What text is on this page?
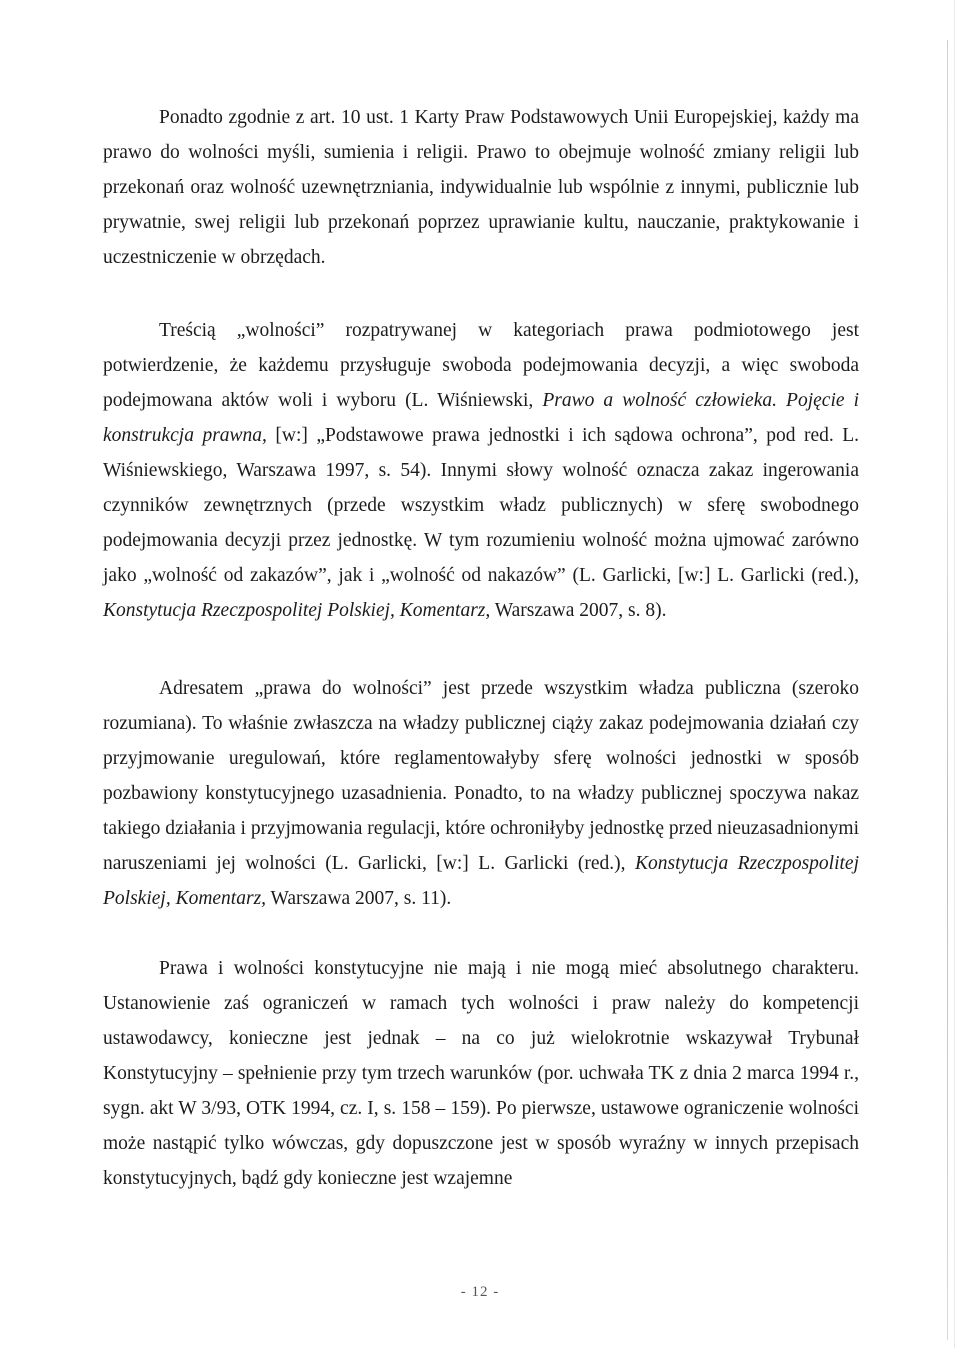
Ponadto zgodnie z art. 10 ust. 1 Karty Praw Podstawowych Unii Europejskiej, każdy ma prawo do wolności myśli, sumienia i religii. Prawo to obejmuje wolność zmiany religii lub przekonań oraz wolność uzewnętrzniania, indywidualnie lub wspólnie z innymi, publicznie lub prywatnie, swej religii lub przekonań poprzez uprawianie kultu, nauczanie, praktykowanie i uczestniczenie w obrzędach.

Treścią „wolności” rozpatrywanej w kategoriach prawa podmiotowego jest potwierdzenie, że każdemu przysługuje swoboda podejmowania decyzji, a więc swoboda podejmowana aktów woli i wyboru (L. Wiśniewski, Prawo a wolność człowieka. Pojęcie i konstrukcja prawna, [w:] „Podstawowe prawa jednostki i ich sądowa ochrona”, pod red. L. Wiśniewskiego, Warszawa 1997, s. 54). Innymi słowy wolność oznacza zakaz ingerowania czynników zewnętrznych (przede wszystkim władz publicznych) w sferę swobodnego podejmowania decyzji przez jednostkę. W tym rozumieniu wolność można ujmować zarówno jako „wolność od zakazów”, jak i „wolność od nakazów” (L. Garlicki, [w:] L. Garlicki (red.), Konstytucja Rzeczpospolitej Polskiej, Komentarz, Warszawa 2007, s. 8).

Adresatem „prawa do wolności” jest przede wszystkim władza publiczna (szeroko rozumiana). To właśnie zwłaszcza na władzy publicznej ciąży zakaz podejmowania działań czy przyjmowanie uregulowań, które reglamentowałyby sferę wolności jednostki w sposób pozbawiony konstytucyjnego uzasadnienia. Ponadto, to na władzy publicznej spoczywa nakaz takiego działania i przyjmowania regulacji, które ochroniłyby jednostkę przed nieuzasadnionymi naruszeniami jej wolności (L. Garlicki, [w:] L. Garlicki (red.), Konstytucja Rzeczpospolitej Polskiej, Komentarz, Warszawa 2007, s. 11).

Prawa i wolności konstytucyjne nie mają i nie mogą mieć absolutnego charakteru. Ustanowienie zaś ograniczeń w ramach tych wolności i praw należy do kompetencji ustawodawcy, konieczne jest jednak – na co już wielokrotnie wskazywał Trybunał Konstytucyjny – spełnienie przy tym trzech warunków (por. uchwała TK z dnia 2 marca 1994 r., sygn. akt W 3/93, OTK 1994, cz. I, s. 158 – 159). Po pierwsze, ustawowe ograniczenie wolności może nastąpić tylko wówczas, gdy dopuszczone jest w sposób wyraźny w innych przepisach konstytucyjnych, bądź gdy konieczne jest wzajemne

- 12 -
